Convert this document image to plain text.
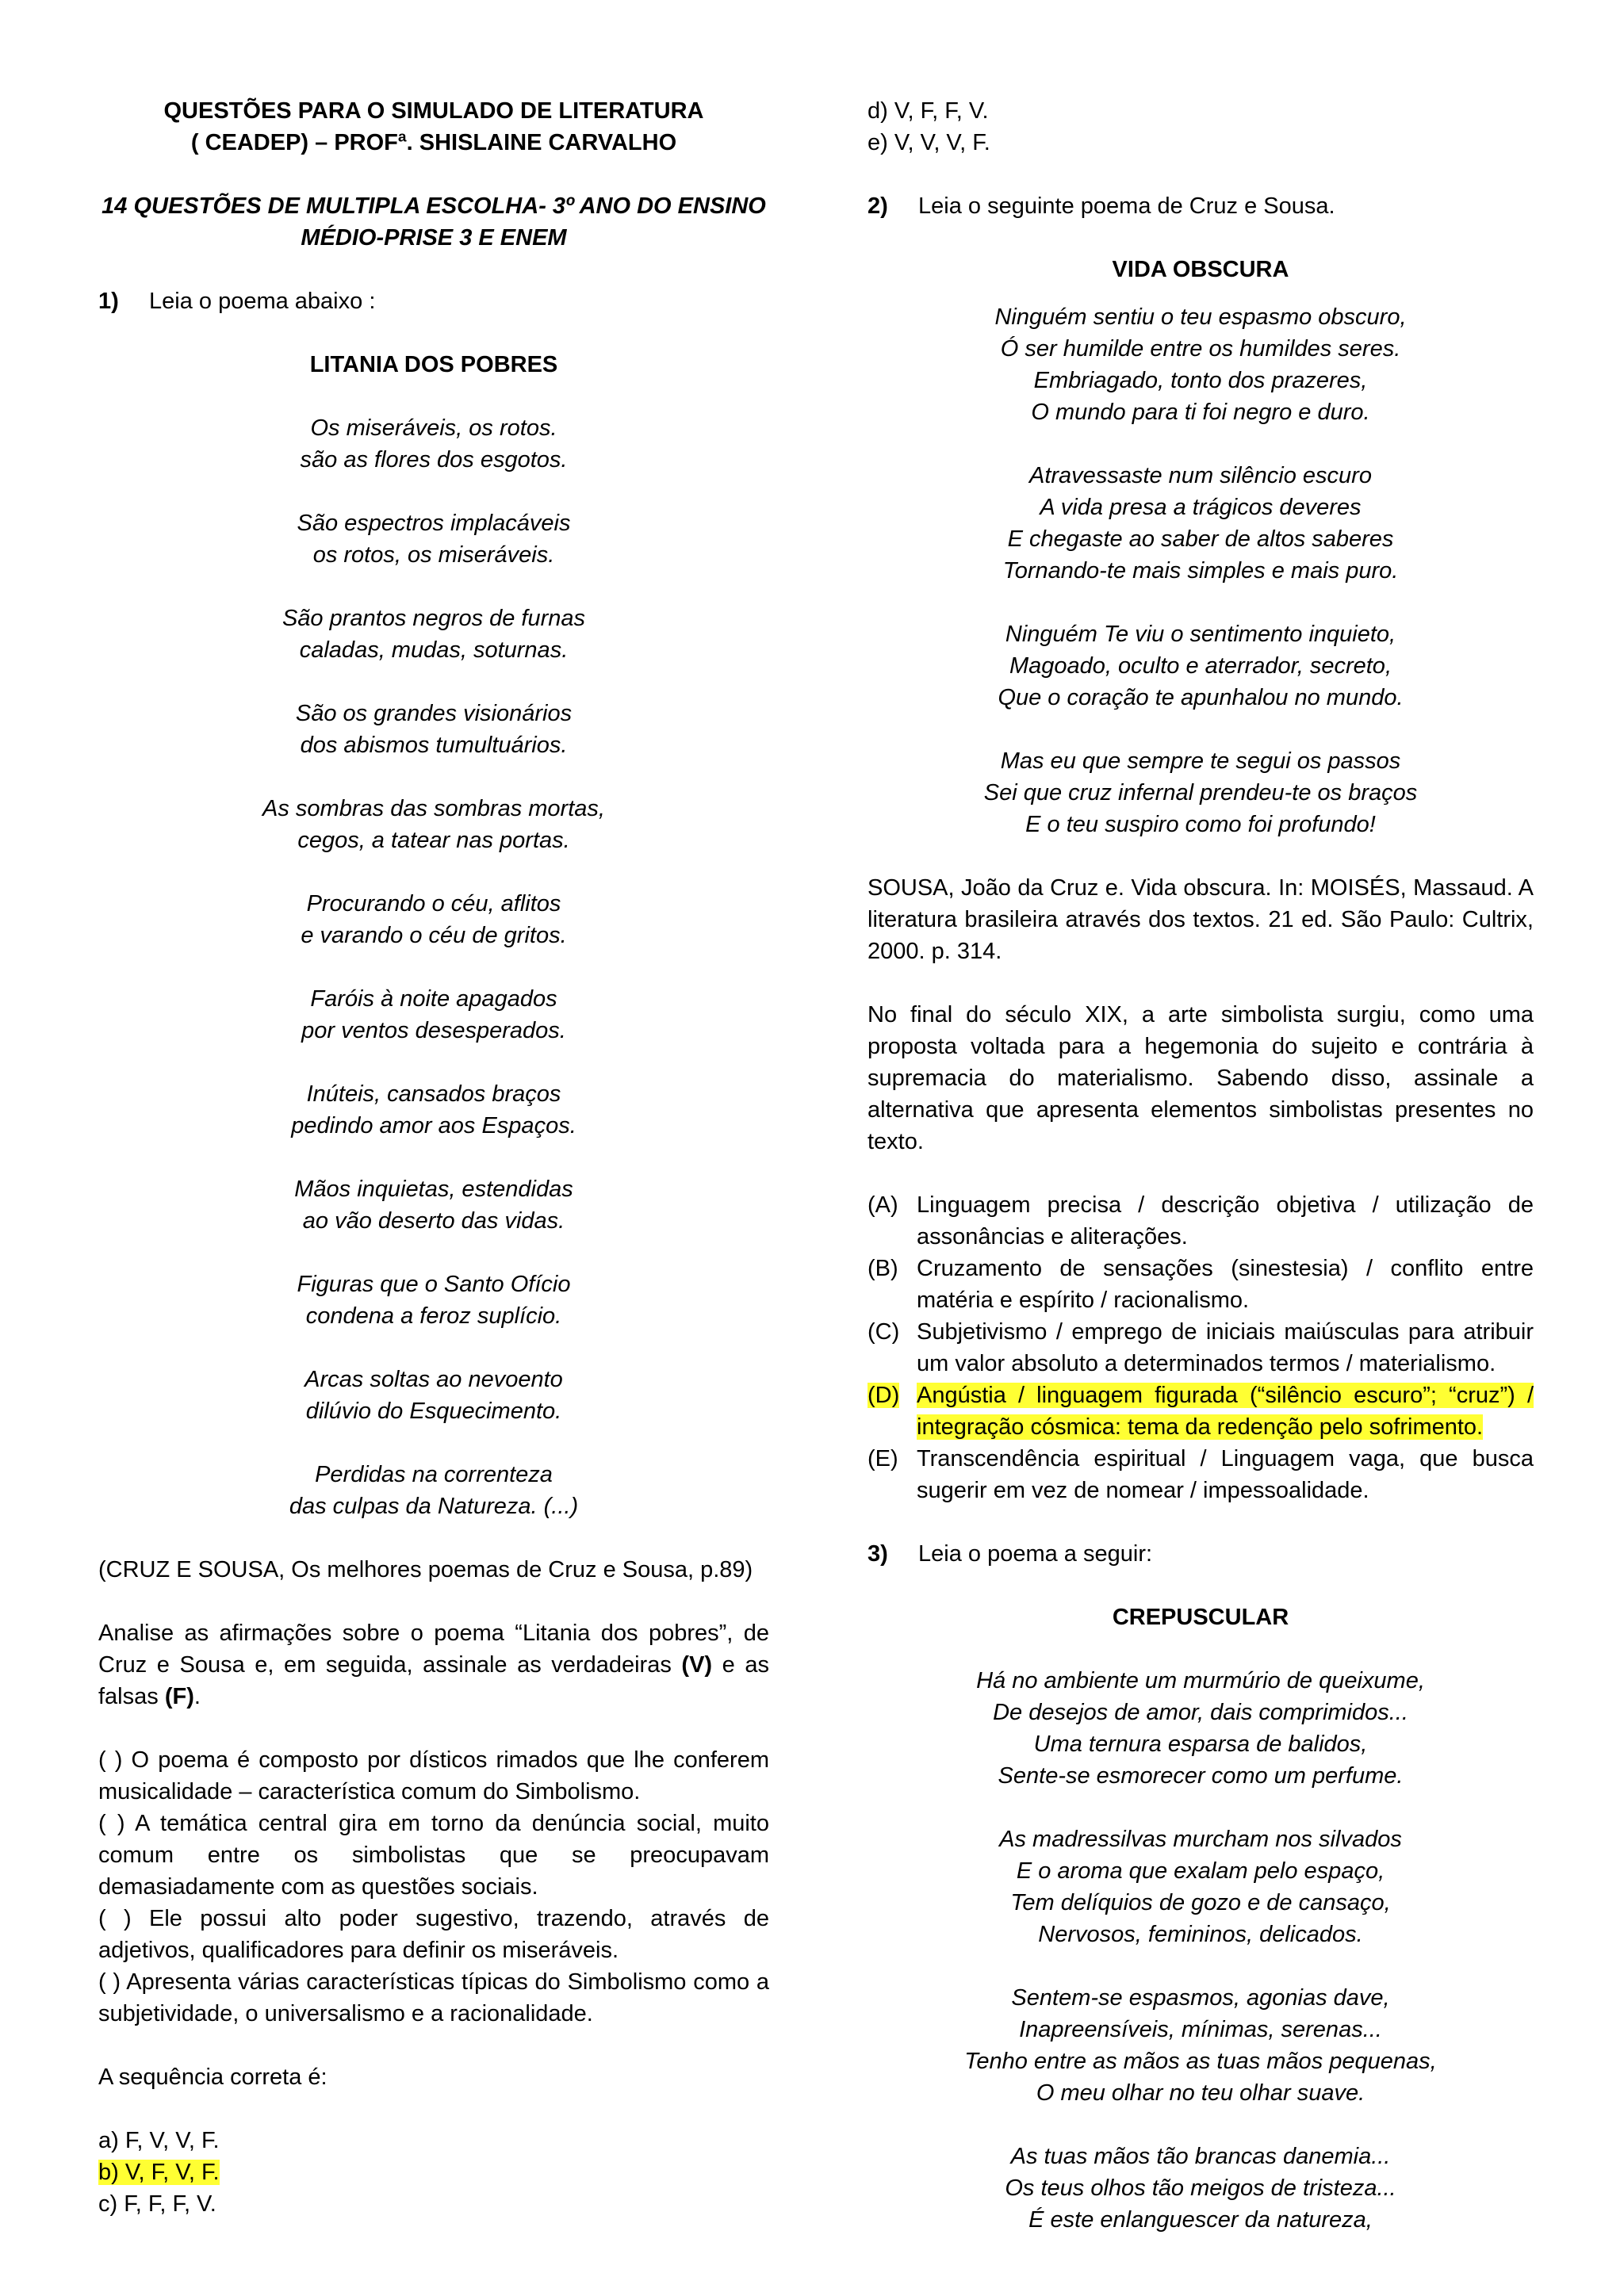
QUESTÕES PARA O SIMULADO DE LITERATURA
( CEADEP) – PROFª. SHISLAINE CARVALHO
14 QUESTÕES DE MULTIPLA ESCOLHA- 3º ANO DO ENSINO
MÉDIO-PRISE 3 E ENEM
1)	Leia o poema abaixo :
LITANIA DOS POBRES
Os miseráveis, os rotos.
são as flores dos esgotos.
São espectros implacáveis
os rotos, os miseráveis.
São prantos negros de furnas
caladas, mudas, soturnas.
São os grandes visionários
dos abismos tumultuários.
As sombras das sombras mortas,
cegos, a tatear nas portas.
Procurando o céu, aflitos
e varando o céu de gritos.
Faróis à noite apagados
por ventos desesperados.
Inúteis, cansados braços
pedindo amor aos Espaços.
Mãos inquietas, estendidas
ao vão deserto das vidas.
Figuras que o Santo Ofício
condena a feroz suplício.
Arcas soltas ao nevoento
dilúvio do Esquecimento.
Perdidas na correnteza
das culpas da Natureza. (...)
(CRUZ E SOUSA, Os melhores poemas de Cruz e Sousa, p.89)
Analise as afirmações sobre o poema “Litania dos pobres”, de Cruz e Sousa e, em seguida, assinale as verdadeiras (V) e as falsas (F).
( ) O poema é composto por dísticos rimados que lhe conferem musicalidade – característica comum do Simbolismo.
( ) A temática central gira em torno da denúncia social, muito comum entre os simbolistas que se preocupavam demasiadamente com as questões sociais.
( ) Ele possui alto poder sugestivo, trazendo, através de adjetivos, qualificadores para definir os miseráveis.
( ) Apresenta várias características típicas do Simbolismo como a subjetividade, o universalismo e a racionalidade.
A sequência correta é:
a) F, V, V, F.
b) V, F, V, F.
c) F, F, F, V.
d) V, F, F, V.
e) V, V, V, F.
2)	Leia o seguinte poema de Cruz e Sousa.
VIDA OBSCURA
Ninguém sentiu o teu espasmo obscuro,
Ó ser humilde entre os humildes seres.
Embriagado, tonto dos prazeres,
O mundo para ti foi negro e duro.
Atravessaste num silêncio escuro
A vida presa a trágicos deveres
E chegaste ao saber de altos saberes
Tornando-te mais simples e mais puro.
Ninguém Te viu o sentimento inquieto,
Magoado, oculto e aterrador, secreto,
Que o coração te apunhalou no mundo.
Mas eu que sempre te segui os passos
Sei que cruz infernal prendeu-te os braços
E o teu suspiro como foi profundo!
SOUSA, João da Cruz e. Vida obscura. In: MOISÉS, Massaud. A literatura brasileira através dos textos. 21 ed. São Paulo: Cultrix, 2000. p. 314.
No final do século XIX, a arte simbolista surgiu, como uma proposta voltada para a hegemonia do sujeito e contrária à supremacia do materialismo. Sabendo disso, assinale a alternativa que apresenta elementos simbolistas presentes no texto.
(A) Linguagem precisa / descrição objetiva / utilização de assonâncias e aliterações.
(B) Cruzamento de sensações (sinestesia) / conflito entre matéria e espírito / racionalismo.
(C) Subjetivismo / emprego de iniciais maiúsculas para atribuir um valor absoluto a determinados termos / materialismo.
(D) Angústia / linguagem figurada (“silêncio escuro”; “cruz”) / integração cósmica: tema da redenção pelo sofrimento.
(E) Transcendência espiritual / Linguagem vaga, que busca sugerir em vez de nomear / impessoalidade.
3)	Leia o poema a seguir:
CREPUSCULAR
Há no ambiente um murmúrio de queixume,
De desejos de amor, dais comprimidos...
Uma ternura esparsa de balidos,
Sente-se esmorecer como um perfume.
As madressilvas murcham nos silvados
E o aroma que exalam pelo espaço,
Tem delíquios de gozo e de cansaço,
Nervosos, femininos, delicados.
Sentem-se espasmos, agonias dave,
Inapreensíveis, mínimas, serenas...
Tenho entre as mãos as tuas mãos pequenas,
O meu olhar no teu olhar suave.
As tuas mãos tão brancas danemia...
Os teus olhos tão meigos de tristeza...
É este enlanguescer da natureza,
